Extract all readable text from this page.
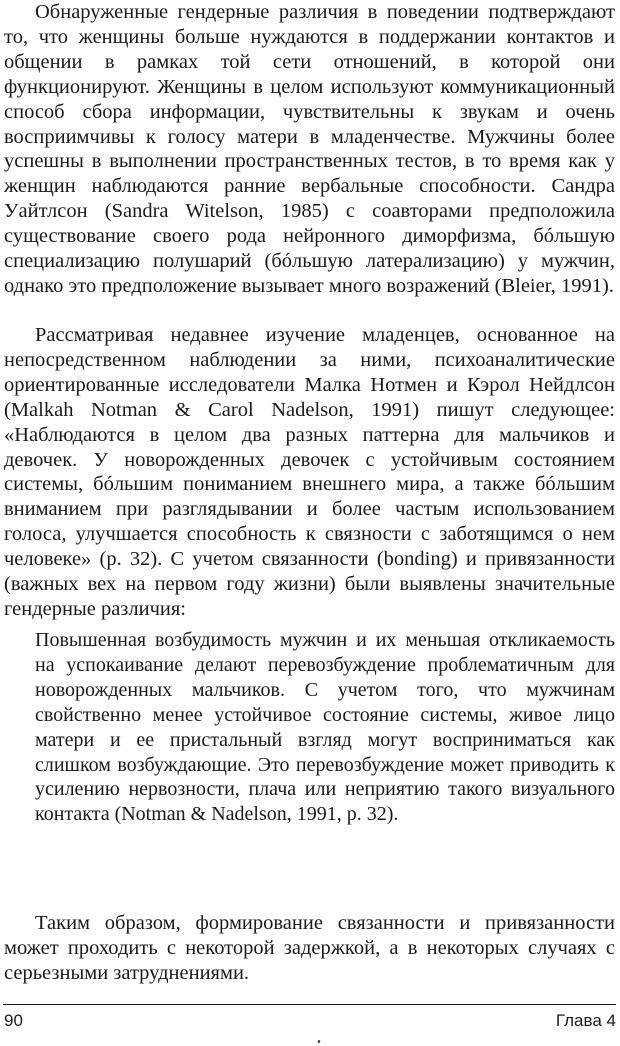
Обнаруженные гендерные различия в поведении подтверждают то, что женщины больше нуждаются в поддержании контактов и общении в рамках той сети отношений, в которой они функционируют. Женщины в целом используют коммуникационный способ сбора информации, чувствительны к звукам и очень восприимчивы к голосу матери в младенчестве. Мужчины более успешны в выполнении пространственных тестов, в то время как у женщин наблюдаются ранние вербальные способности. Сандра Уайтлсон (Sandra Witelson, 1985) с соавторами предположила существование своего рода нейронного диморфизма, бóльшую специализацию полушарий (бóльшую латерализацию) у мужчин, однако это предположение вызывает много возражений (Bleier, 1991).

Рассматривая недавнее изучение младенцев, основанное на непосредственном наблюдении за ними, психоаналитические ориентированные исследователи Малка Нотмен и Кэрол Нейдлсон (Malkah Notman & Carol Nadelson, 1991) пишут следующее: «Наблюдаются в целом два разных паттерна для мальчиков и девочек. У новорожденных девочек с устойчивым состоянием системы, бóльшим пониманием внешнего мира, а также бóльшим вниманием при разглядывании и более частым использованием голоса, улучшается способность к связности с заботящимся о нем человеке» (p. 32). С учетом связанности (bonding) и привязанности (важных вех на первом году жизни) были выявлены значительные гендерные различия:

Повышенная возбудимость мужчин и их меньшая откликаемость на успокаивание делают перевозбуждение проблематичным для новорожденных мальчиков. С учетом того, что мужчинам свойственно менее устойчивое состояние системы, живое лицо матери и ее пристальный взгляд могут восприниматься как слишком возбуждающие. Это перевозбуждение может приводить к усилению нервозности, плача или неприятию такого визуального контакта (Notman & Nadelson, 1991, p. 32).

Таким образом, формирование связанности и привязанности может проходить с некоторой задержкой, а в некоторых случаях с серьезными затруднениями.

90	Глава 4
